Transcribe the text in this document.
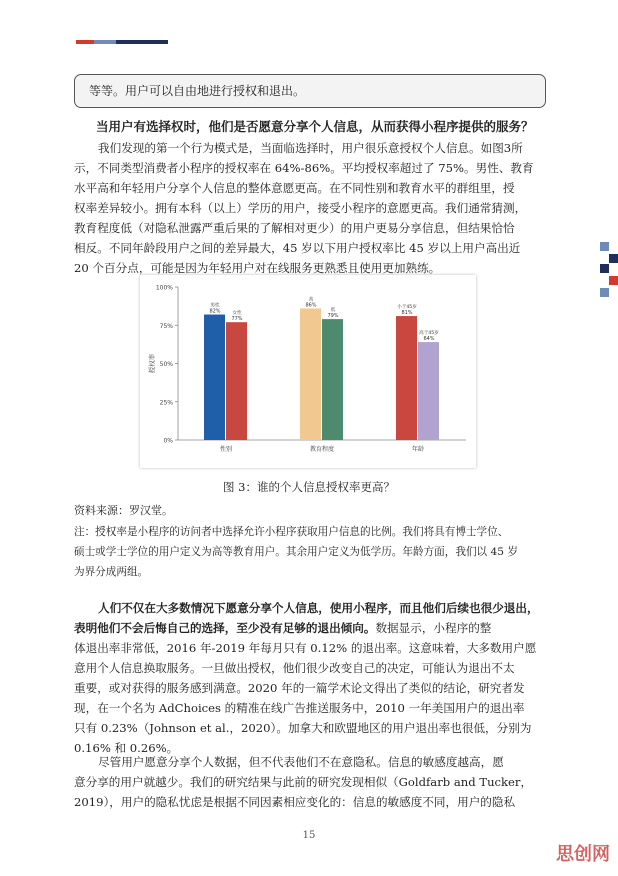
等等。用户可以自由地进行授权和退出。
当用户有选择权时，他们是否愿意分享个人信息，从而获得小程序提供的服务？
我们发现的第一个行为模式是，当面临选择时，用户很乐意授权个人信息。如图3所
示，不同类型消费者小程序的授权率在 64%-86%。平均授权率超过了 75%。男性、教育
水平高和年轻用户分享个人信息的整体意愿更高。在不同性别和教育水平的群组里，授
权率差异较小。拥有本科（以上）学历的用户，接受小程序的意愿更高。我们通常猜测，
教育程度低（对隐私泄露严重后果的了解相对更少）的用户更易分享信息，但结果恰恰
相反。不同年龄段用户之间的差异最大，45 岁以下用户授权率比 45 岁以上用户高出近
20 个百分点，可能是因为年轻用户对在线服务更熟悉且使用更加熟练。
0%
25%
50%
75%
100%
授权率
男性
82%	女性
77%
性别
高
86%
低
79%
教育程度
小于45岁
81%
高于45岁
64%
年龄
图 3：谁的个人信息授权率更高？
资料来源：罗汉堂。
注：授权率是小程序的访问者中选择允许小程序获取用户信息的比例。我们将具有博士学位、
硕士或学士学位的用户定义为高等教育用户。其余用户定义为低学历。年龄方面，我们以 45 岁
为界分成两组。
人们不仅在大多数情况下愿意分享个人信息，使用小程序，而且他们后续也很少退出，
表明他们不会后悔自己的选择，至少没有足够的退出倾向。数据显示，小程序的整
体退出率非常低，2016 年-2019 年每月只有 0.12% 的退出率。这意味着，大多数用户愿
意用个人信息换取服务。一旦做出授权，他们很少改变自己的决定，可能认为退出不太
重要，或对获得的服务感到满意。2020 年的一篇学术论文得出了类似的结论，研究者发
现，在一个名为 AdChoices 的精准在线广告推送服务中，2010 一年美国用户的退出率
只有 0.23%（Johnson et al.，2020）。加拿大和欧盟地区的用户退出率也很低，分别为
0.16% 和 0.26%。
尽管用户愿意分享个人数据，但不代表他们不在意隐私。信息的敏感度越高，愿
意分享的用户就越少。我们的研究结果与此前的研究发现相似（Goldfarb and Tucker，
2019），用户的隐私忧虑是根据不同因素相应变化的：信息的敏感度不同，用户的隐私
15
思创网
